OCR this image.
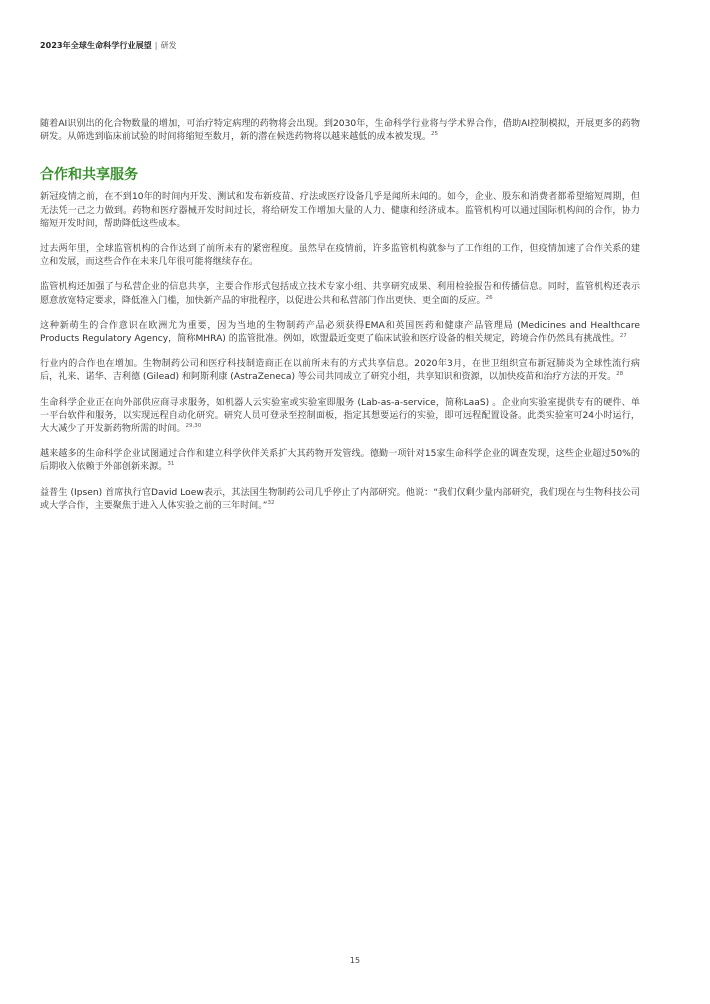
2023年全球生命科学行业展望 | 研发

随着AI识别出的化合物数量的增加，可治疗特定病理的药物将会出现。到2030年，生命科学行业将与学术界合作，借助AI控制模拟，开展更多的药物研发。从筛选到临床前试验的时间将缩短至数月，新的潜在候选药物将以越来越低的成本被发现。$^{25}$

合作和共享服务

新冠疫情之前，在不到10年的时间内开发、测试和发布新疫苗、疗法或医疗设备几乎是闻所未闻的。如今，企业、股东和消费者都希望缩短周期，但无法凭一己之力做到。药物和医疗器械开发时间过长，将给研发工作增加大量的人力、健康和经济成本。监管机构可以通过国际机构间的合作，协力缩短开发时间，帮助降低这些成本。

过去两年里，全球监管机构的合作达到了前所未有的紧密程度。虽然早在疫情前，许多监管机构就参与了工作组的工作，但疫情加速了合作关系的建立和发展，而这些合作在未来几年很可能将继续存在。

监管机构还加强了与私营企业的信息共享，主要合作形式包括成立技术专家小组、共享研究成果、利用检验报告和传播信息。同时，监管机构还表示愿意放宽特定要求，降低准入门槛，加快新产品的审批程序，以促进公共和私营部门作出更快、更全面的反应。$^{26}$

这种新萌生的合作意识在欧洲尤为重要，因为当地的生物制药产品必须获得EMA和英国医药和健康产品管理局 (Medicines and Healthcare Products Regulatory Agency，简称MHRA) 的监管批准。例如，欧盟最近变更了临床试验和医疗设备的相关规定，跨境合作仍然具有挑战性。$^{27}$

行业内的合作也在增加。生物制药公司和医疗科技制造商正在以前所未有的方式共享信息。2020年3月，在世卫组织宣布新冠肺炎为全球性流行病后，礼来、诺华、吉利德 (Gilead) 和阿斯利康 (AstraZeneca) 等公司共同成立了研究小组，共享知识和资源，以加快疫苗和治疗方法的开发。$^{28}$

生命科学企业正在向外部供应商寻求服务，如机器人云实验室或实验室即服务 (Lab-as-a-service，简称LaaS) 。企业向实验室提供专有的硬件、单一平台软件和服务，以实现远程自动化研究。研究人员可登录至控制面板，指定其想要运行的实验，即可远程配置设备。此类实验室可24小时运行，大大减少了开发新药物所需的时间。$^{29,30}$

越来越多的生命科学企业试图通过合作和建立科学伙伴关系扩大其药物开发管线。德勤一项针对15家生命科学企业的调查发现，这些企业超过50%的后期收入依赖于外部创新来源。$^{31}$

益普生 (Ipsen) 首席执行官David Loew表示，其法国生物制药公司几乎停止了内部研究。他说：“我们仅剩少量内部研究，我们现在与生物科技公司或大学合作，主要聚焦于进入人体实验之前的三年时间。”$^{32}$

15
